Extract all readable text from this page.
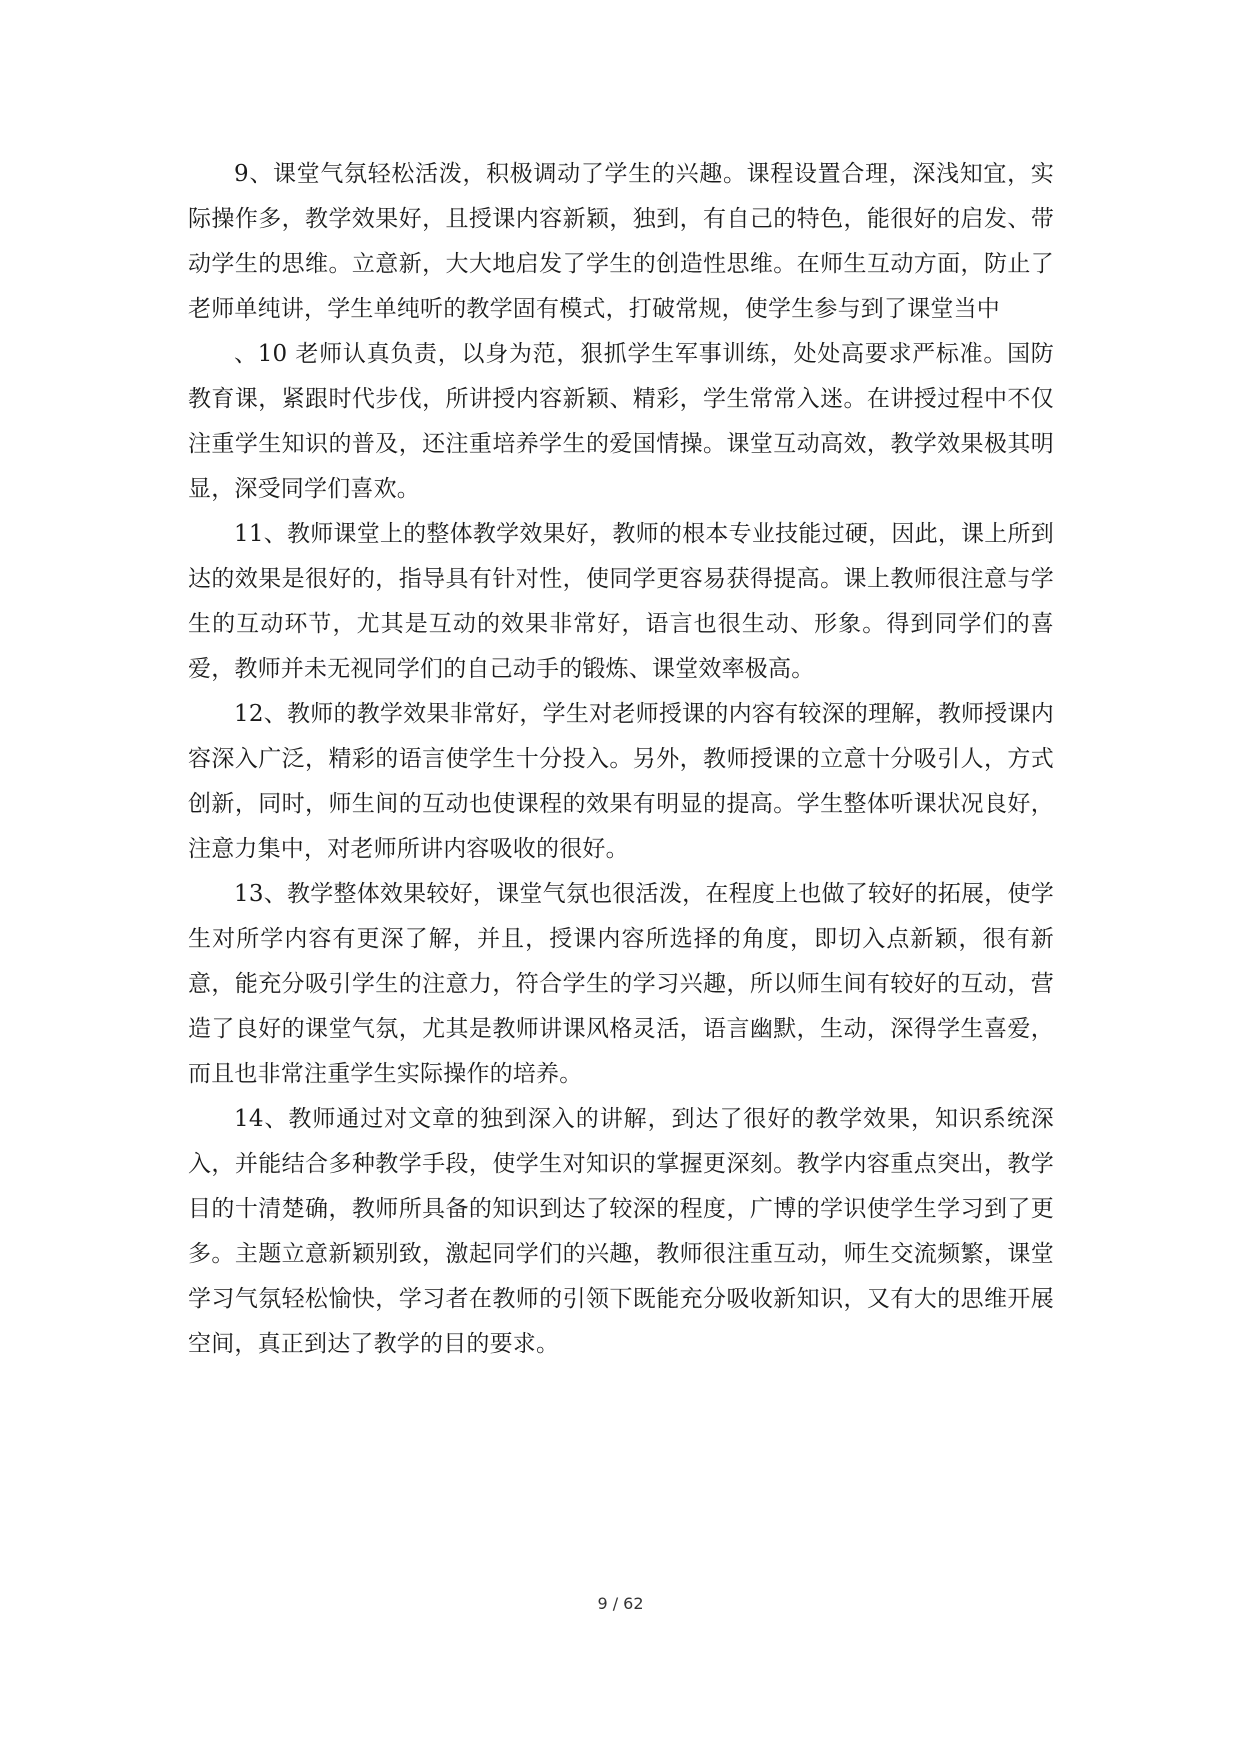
9、课堂气氛轻松活泼，积极调动了学生的兴趣。课程设置合理，深浅知宜，实际操作多，教学效果好，且授课内容新颖，独到，有自己的特色，能很好的启发、带动学生的思维。立意新，大大地启发了学生的创造性思维。在师生互动方面，防止了老师单纯讲，学生单纯听的教学固有模式，打破常规，使学生参与到了课堂当中

、10 老师认真负责，以身为范，狠抓学生军事训练，处处高要求严标准。国防教育课，紧跟时代步伐，所讲授内容新颖、精彩，学生常常入迷。在讲授过程中不仅注重学生知识的普及，还注重培养学生的爱国情操。课堂互动高效，教学效果极其明显，深受同学们喜欢。

11、教师课堂上的整体教学效果好，教师的根本专业技能过硬，因此，课上所到达的效果是很好的，指导具有针对性，使同学更容易获得提高。课上教师很注意与学生的互动环节，尤其是互动的效果非常好，语言也很生动、形象。得到同学们的喜爱，教师并未无视同学们的自己动手的锻炼、课堂效率极高。

12、教师的教学效果非常好，学生对老师授课的内容有较深的理解，教师授课内容深入广泛，精彩的语言使学生十分投入。另外，教师授课的立意十分吸引人，方式创新，同时，师生间的互动也使课程的效果有明显的提高。学生整体听课状况良好，注意力集中，对老师所讲内容吸收的很好。

13、教学整体效果较好，课堂气氛也很活泼，在程度上也做了较好的拓展，使学生对所学内容有更深了解，并且，授课内容所选择的角度，即切入点新颖，很有新意，能充分吸引学生的注意力，符合学生的学习兴趣，所以师生间有较好的互动，营造了良好的课堂气氛，尤其是教师讲课风格灵活，语言幽默，生动，深得学生喜爱，而且也非常注重学生实际操作的培养。

14、教师通过对文章的独到深入的讲解，到达了很好的教学效果，知识系统深入，并能结合多种教学手段，使学生对知识的掌握更深刻。教学内容重点突出，教学目的十清楚确，教师所具备的知识到达了较深的程度，广博的学识使学生学习到了更多。主题立意新颖别致，激起同学们的兴趣，教师很注重互动，师生交流频繁，课堂学习气氛轻松愉快，学习者在教师的引领下既能充分吸收新知识，又有大的思维开展空间，真正到达了教学的目的要求。

9 / 62
